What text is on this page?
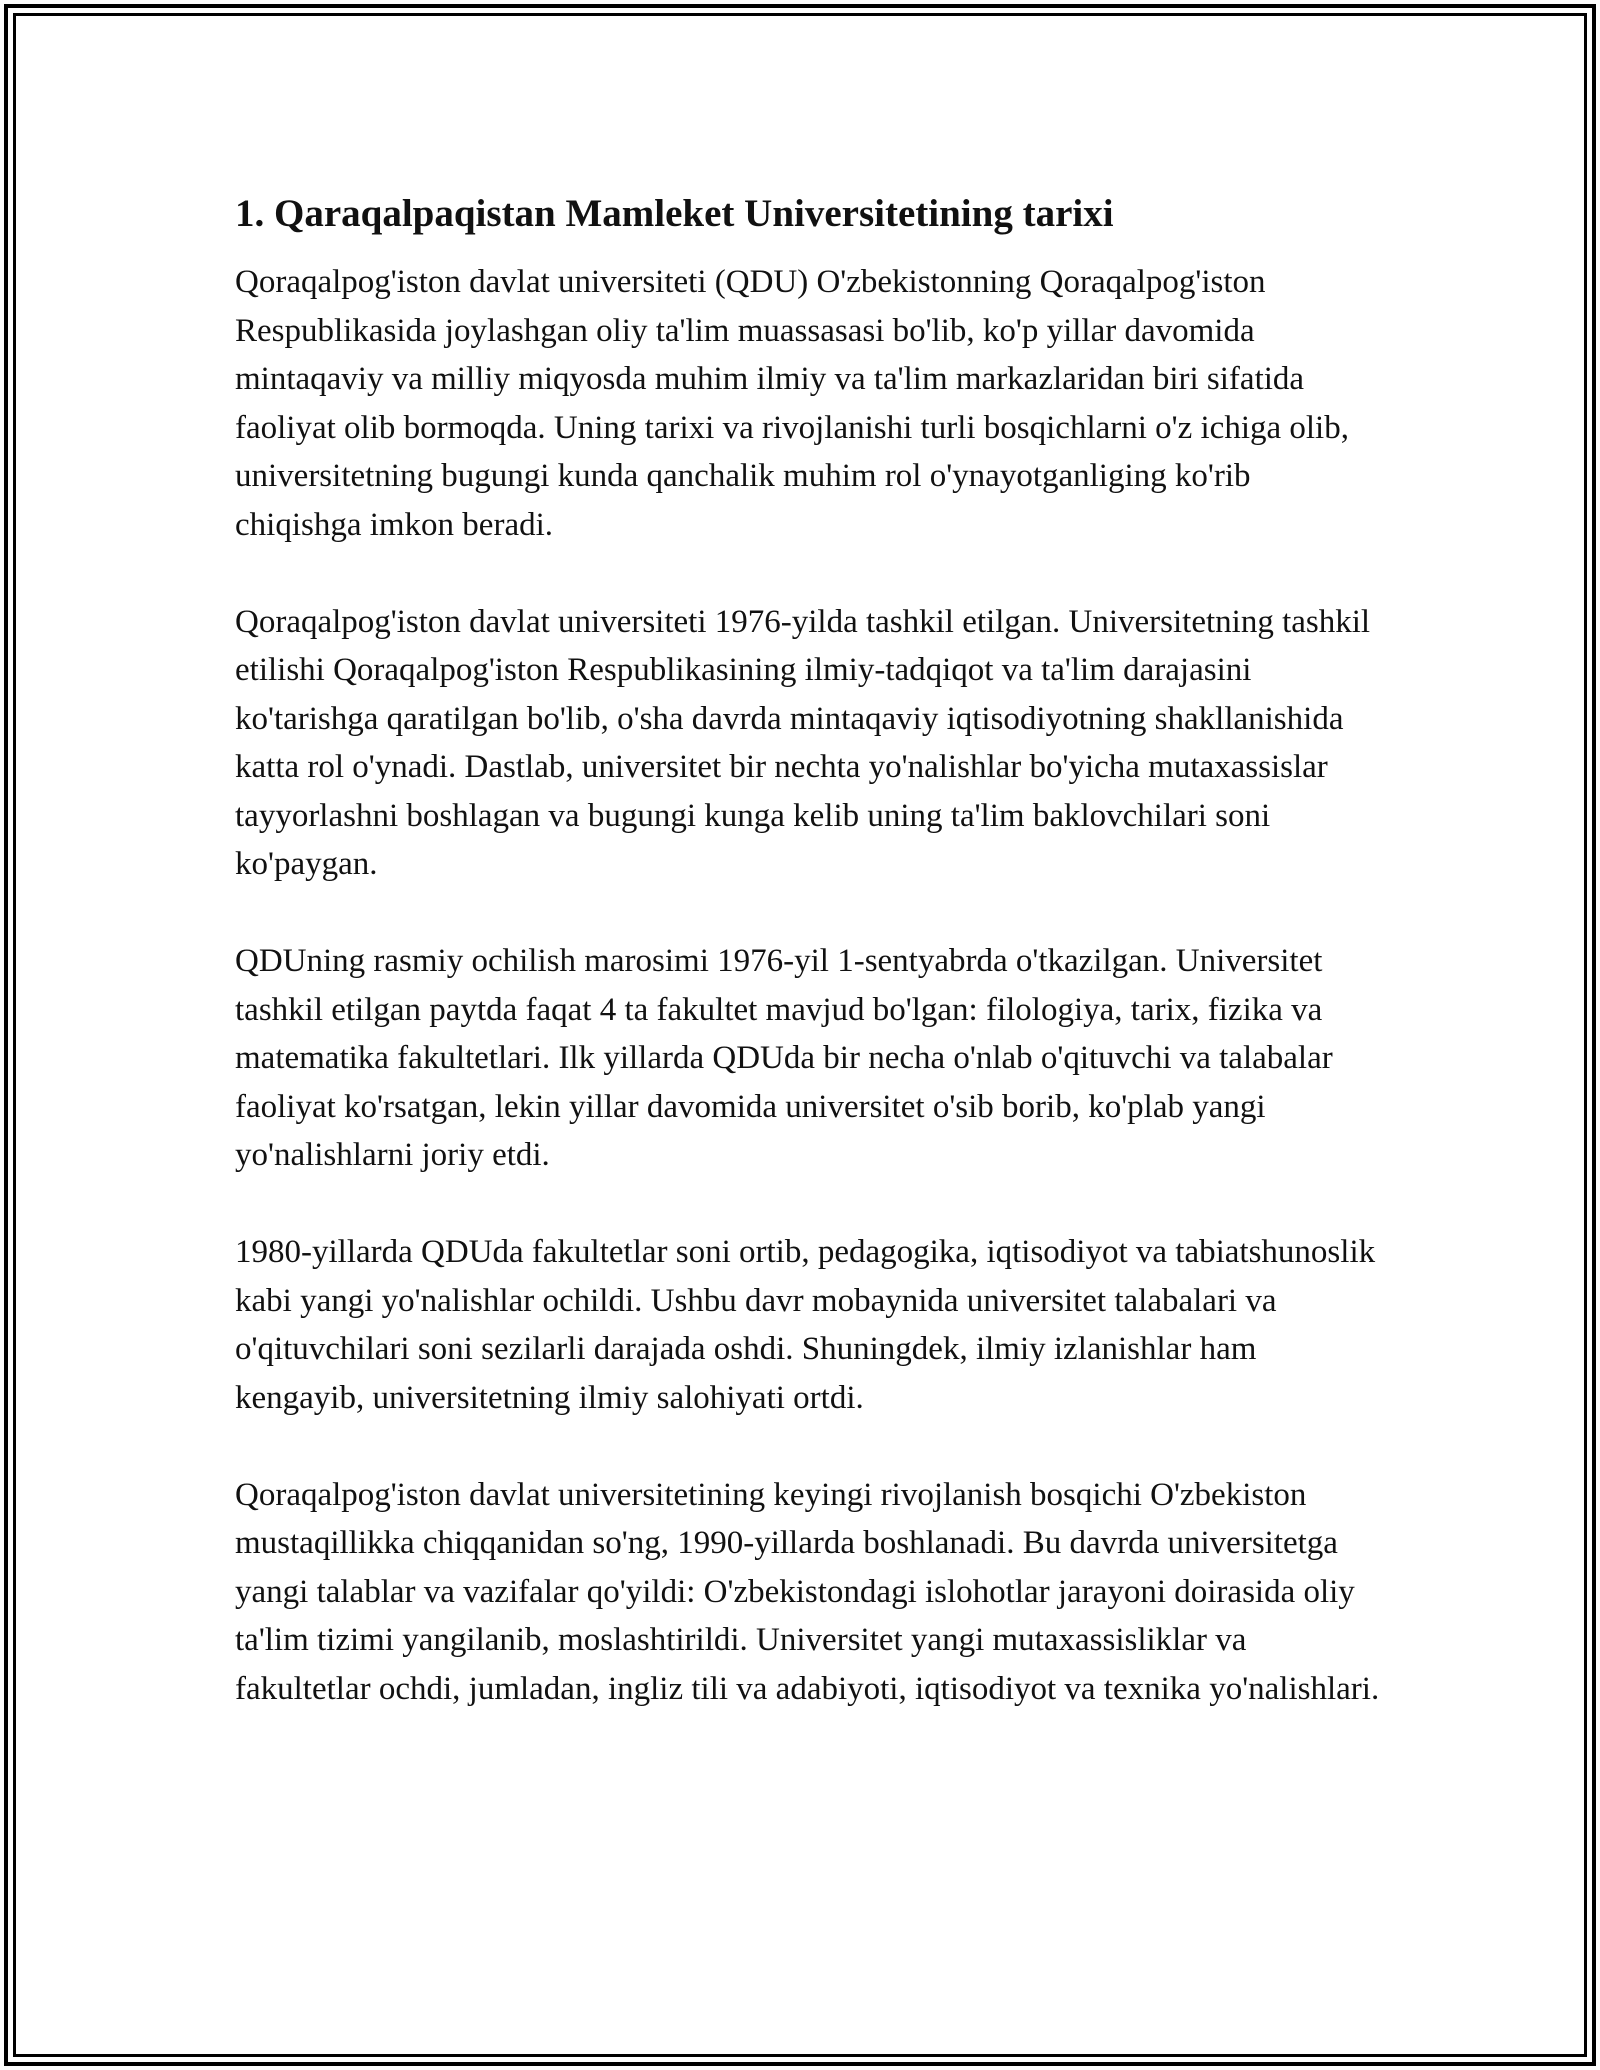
1. Qaraqalpaqistan Mamleket Universitetining tarixi

Qoraqalpog'iston davlat universiteti (QDU) O'zbekistonning Qoraqalpog'iston Respublikasida joylashgan oliy ta'lim muassasasi bo'lib, ko'p yillar davomida mintaqaviy va milliy miqyosda muhim ilmiy va ta'lim markazlaridan biri sifatida faoliyat olib bormoqda. Uning tarixi va rivojlanishi turli bosqichlarni o'z ichiga olib, universitetning bugungi kunda qanchalik muhim rol o'ynayotganliging ko'rib chiqishga imkon beradi.

Qoraqalpog'iston davlat universiteti 1976-yilda tashkil etilgan. Universitetning tashkil etilishi Qoraqalpog'iston Respublikasining ilmiy-tadqiqot va ta'lim darajasini ko'tarishga qaratilgan bo'lib, o'sha davrda mintaqaviy iqtisodiyotning shakllanishida katta rol o'ynadi. Dastlab, universitet bir nechta yo'nalishlar bo'yicha mutaxassislar tayyorlashni boshlagan va bugungi kunga kelib uning ta'lim baklovchilari soni ko'paygan.

QDUning rasmiy ochilish marosimi 1976-yil 1-sentyabrda o'tkazilgan. Universitet tashkil etilgan paytda faqat 4 ta fakultet mavjud bo'lgan: filologiya, tarix, fizika va matematika fakultetlari. Ilk yillarda QDUda bir necha o'nlab o'qituvchi va talabalar faoliyat ko'rsatgan, lekin yillar davomida universitet o'sib borib, ko'plab yangi yo'nalishlarni joriy etdi.

1980-yillarda QDUda fakultetlar soni ortib, pedagogika, iqtisodiyot va tabiatshunoslik kabi yangi yo'nalishlar ochildi. Ushbu davr mobaynida universitet talabalari va o'qituvchilari soni sezilarli darajada oshdi. Shuningdek, ilmiy izlanishlar ham kengayib, universitetning ilmiy salohiyati ortdi.

Qoraqalpog'iston davlat universitetining keyingi rivojlanish bosqichi O'zbekiston mustaqillikka chiqqanidan so'ng, 1990-yillarda boshlanadi. Bu davrda universitetga yangi talablar va vazifalar qo'yildi: O'zbekistondagi islohotlar jarayoni doirasida oliy ta'lim tizimi yangilanib, moslashtirildi. Universitet yangi mutaxassisliklar va fakultetlar ochdi, jumladan, ingliz tili va adabiyoti, iqtisodiyot va texnika yo'nalishlari.
